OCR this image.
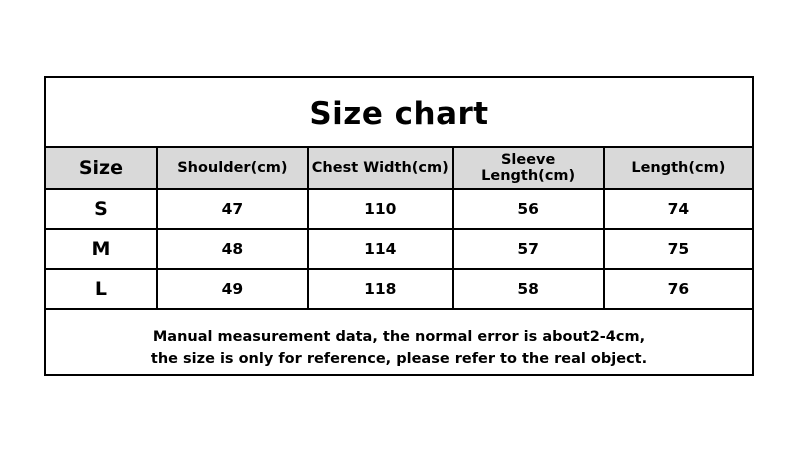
Size chart
Size	Shoulder(cm)	Chest Width(cm)	Sleeve Length(cm)	Length(cm)
S	47	110	56	74
M	48	114	57	75
L	49	118	58	76
Manual measurement data, the normal error is about2-4cm,
the size is only for reference, please refer to the real object.
